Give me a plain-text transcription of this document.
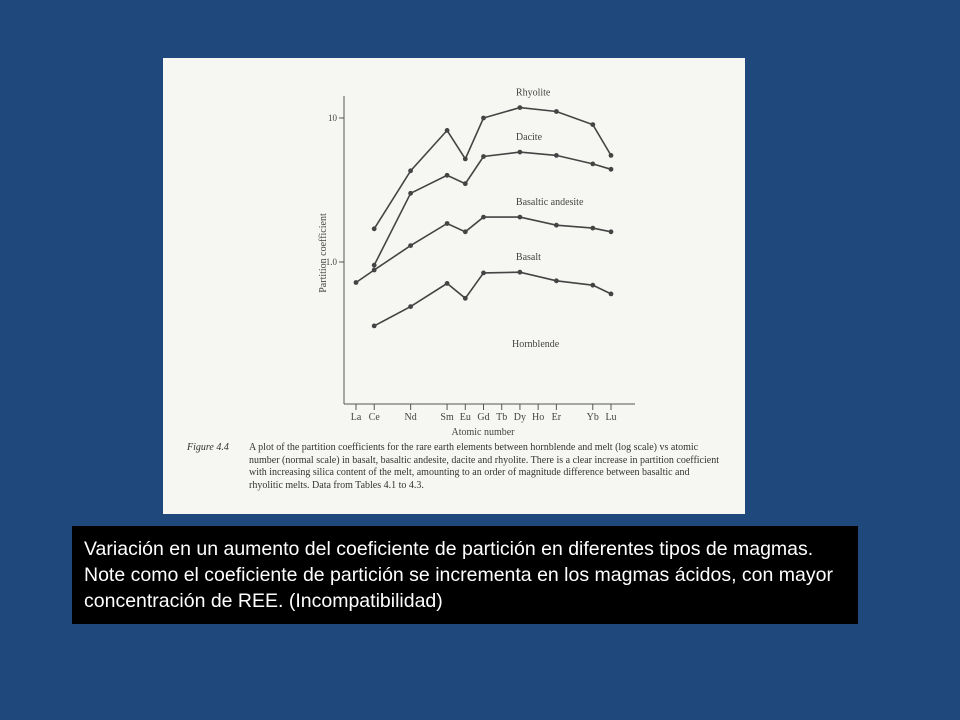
10
1.0
La Ce Nd Sm Eu Gd Tb Dy Ho Er	Yb Lu
Rhyolite
Dacite
Basaltic andesite
Basalt
Partition coefficient
Atomic number
Hornblende
Figure 4.4 A plot of the partition coefficients for the rare earth elements between hornblende and melt (log scale) vs atomic number (normal scale) in basalt, basaltic andesite, dacite and rhyolite. There is a clear increase in partition coefficient with increasing silica content of the melt, amounting to an order of magnitude difference between basaltic and rhyolitic melts. Data from Tables 4.1 to 4.3.
Variación en un aumento del coeficiente de partición en diferentes tipos de magmas. Note como el coeficiente de partición se incrementa en los magmas ácidos, con mayor concentración de REE. (Incompatibilidad)
